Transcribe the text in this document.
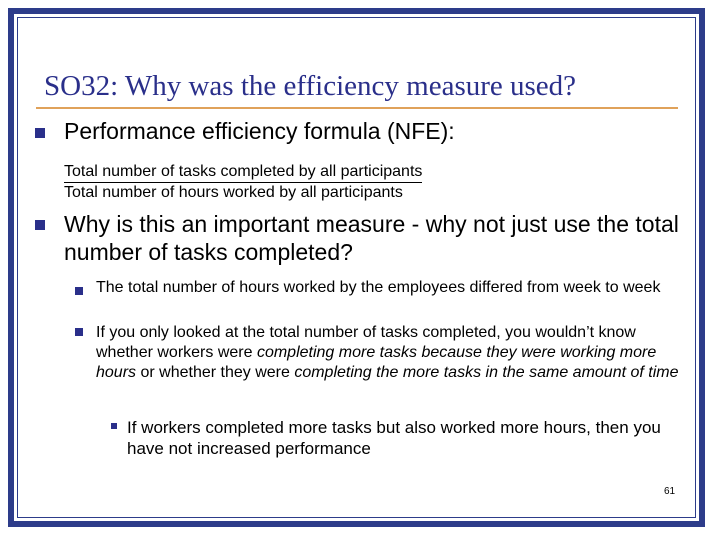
SO32: Why was the efficiency measure used?
Performance efficiency formula (NFE):
Total number of tasks completed by all participants
Total number of hours worked by all participants
Why is this an important measure - why not just use the total number of tasks completed?
The total number of hours worked by the employees differed from week to week
If you only looked at the total number of tasks completed, you wouldn’t know whether workers were completing more tasks because they were working more hours or whether they were completing the more tasks in the same amount of time
If workers completed more tasks but also worked more hours, then you have not increased performance
61
